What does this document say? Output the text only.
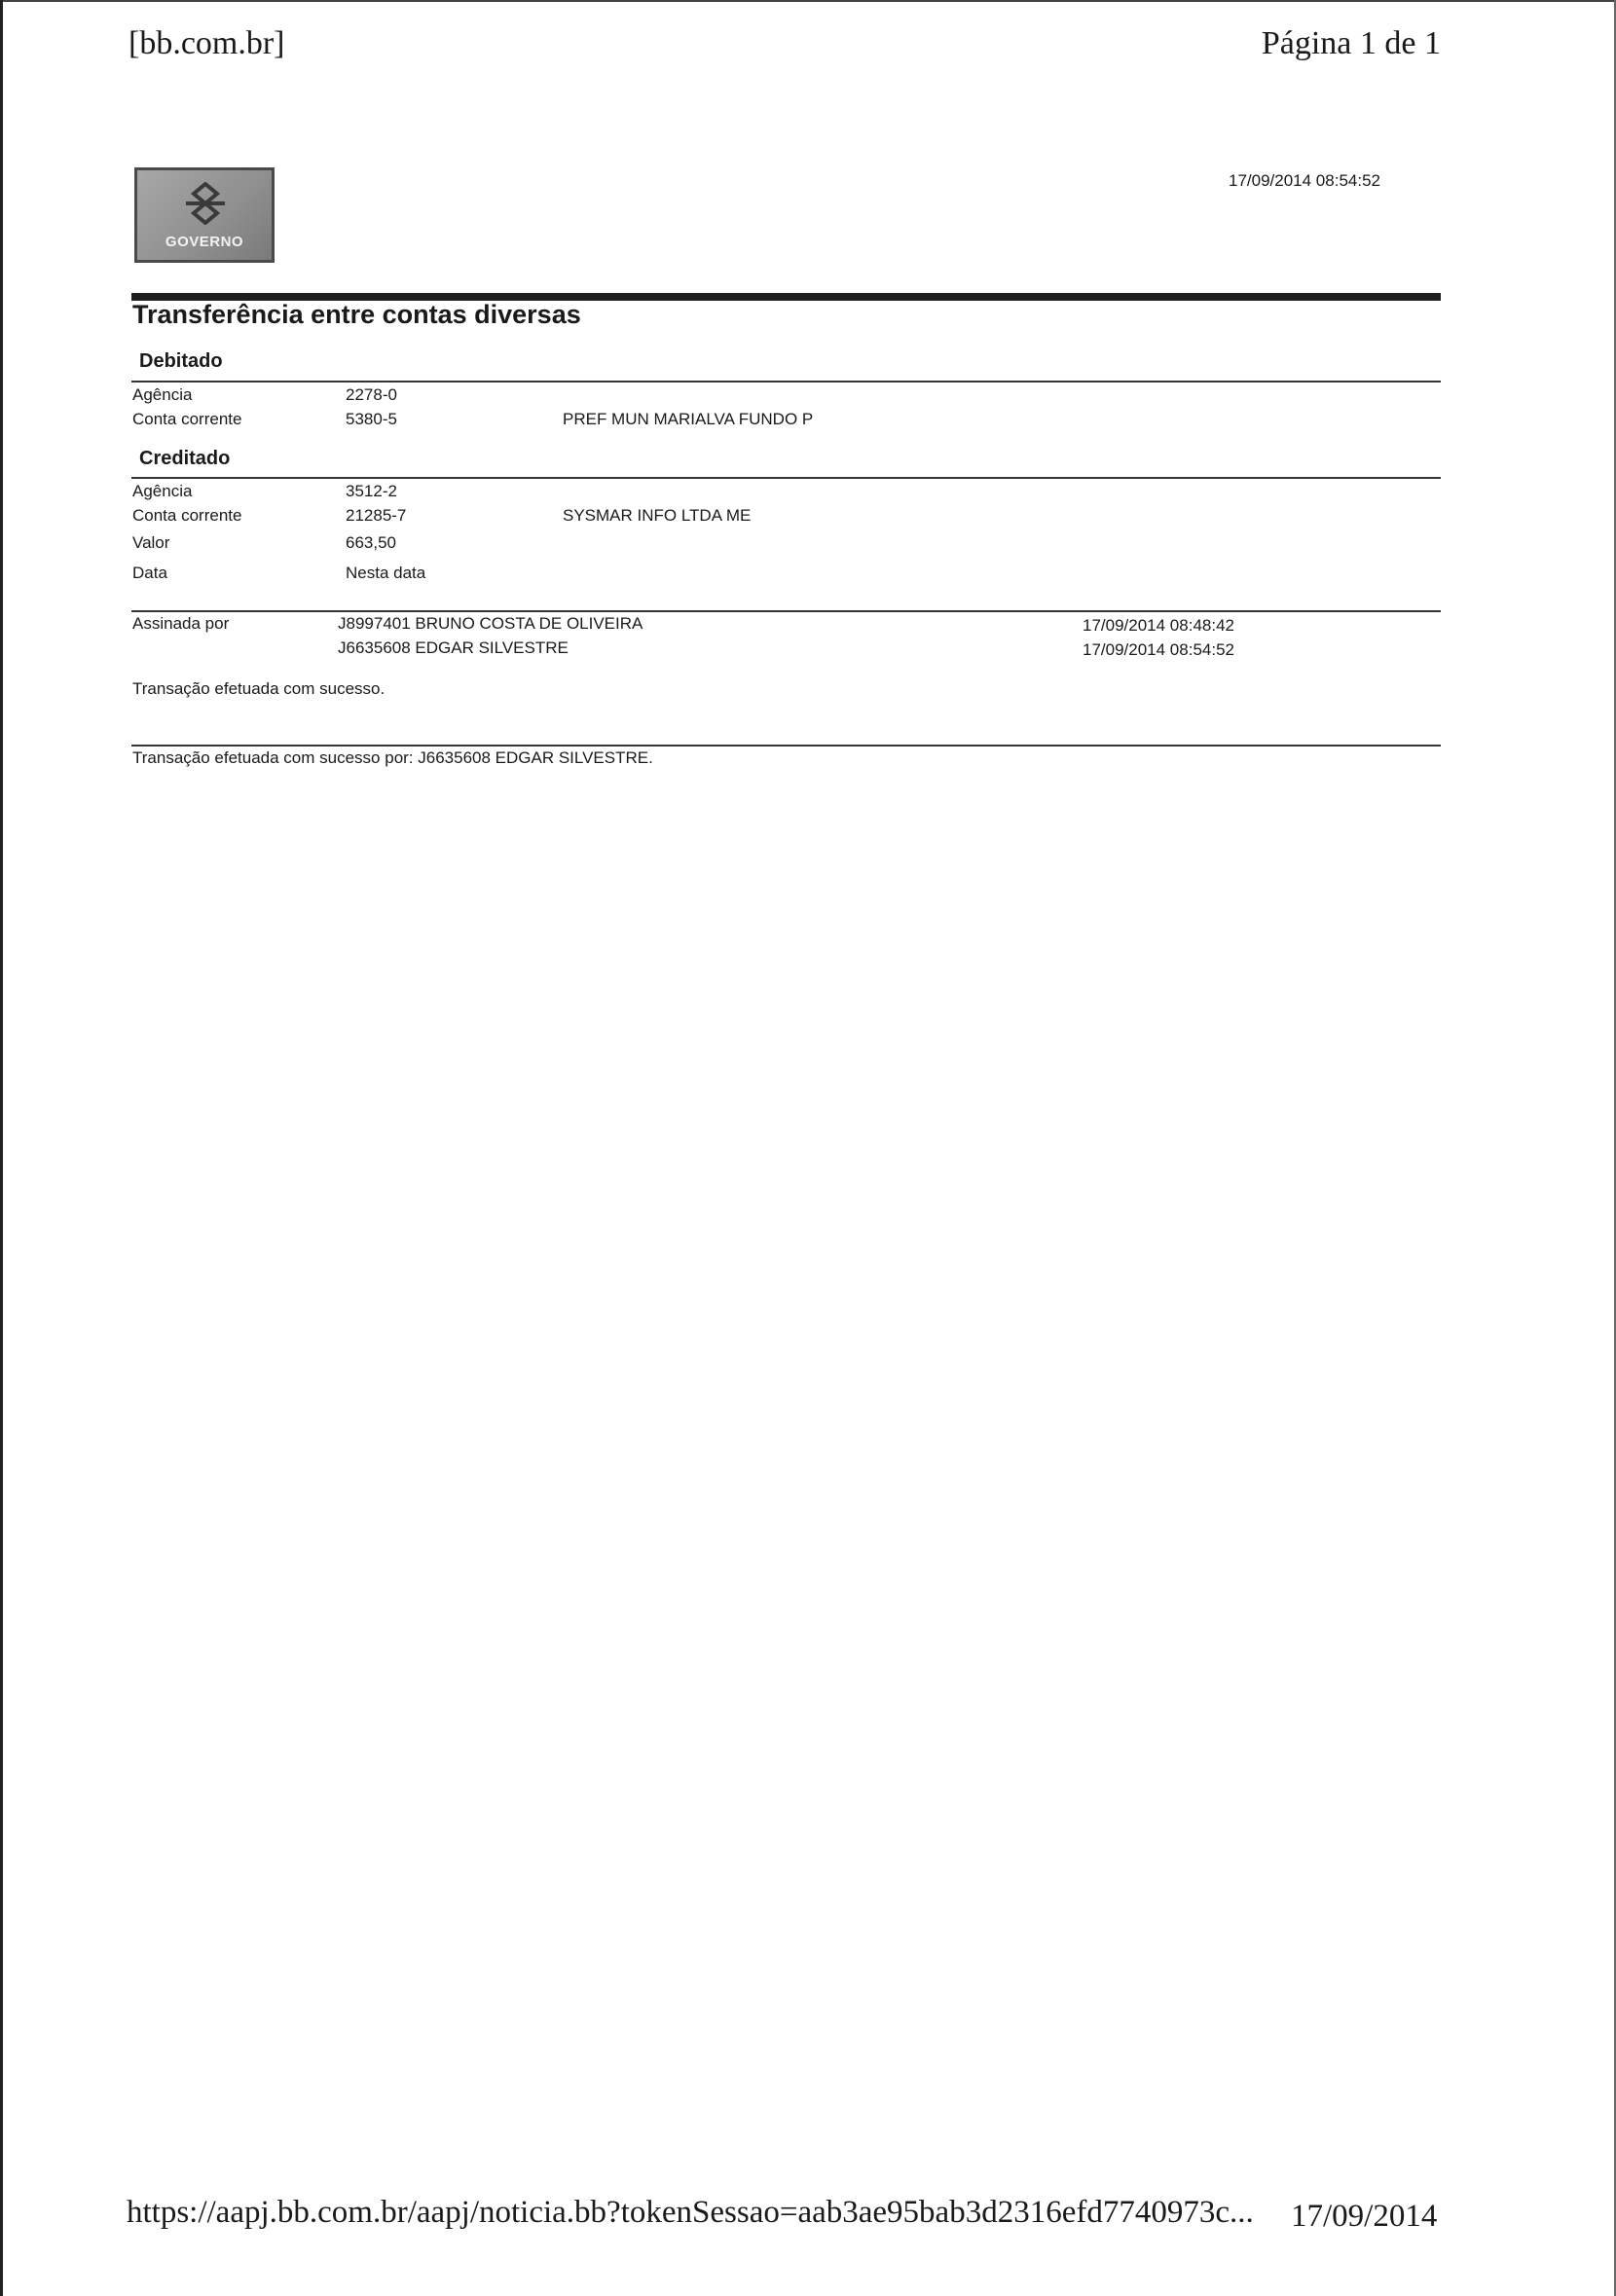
[bb.com.br]	Página 1 de 1
GOVERNO
17/09/2014 08:54:52
Transferência entre contas diversas
Debitado
Agência	2278-0
Conta corrente	5380-5	PREF MUN MARIALVA FUNDO P
Creditado
Agência	3512-2
Conta corrente	21285-7	SYSMAR INFO LTDA ME
Valor	663,50
Data	Nesta data
Assinada por	J8997401 BRUNO COSTA DE OLIVEIRA	17/09/2014 08:48:42
J6635608 EDGAR SILVESTRE	17/09/2014 08:54:52
Transação efetuada com sucesso.
Transação efetuada com sucesso por: J6635608 EDGAR SILVESTRE.
https://aapj.bb.com.br/aapj/noticia.bb?tokenSessao=aab3ae95bab3d2316efd7740973c... 17/09/2014
